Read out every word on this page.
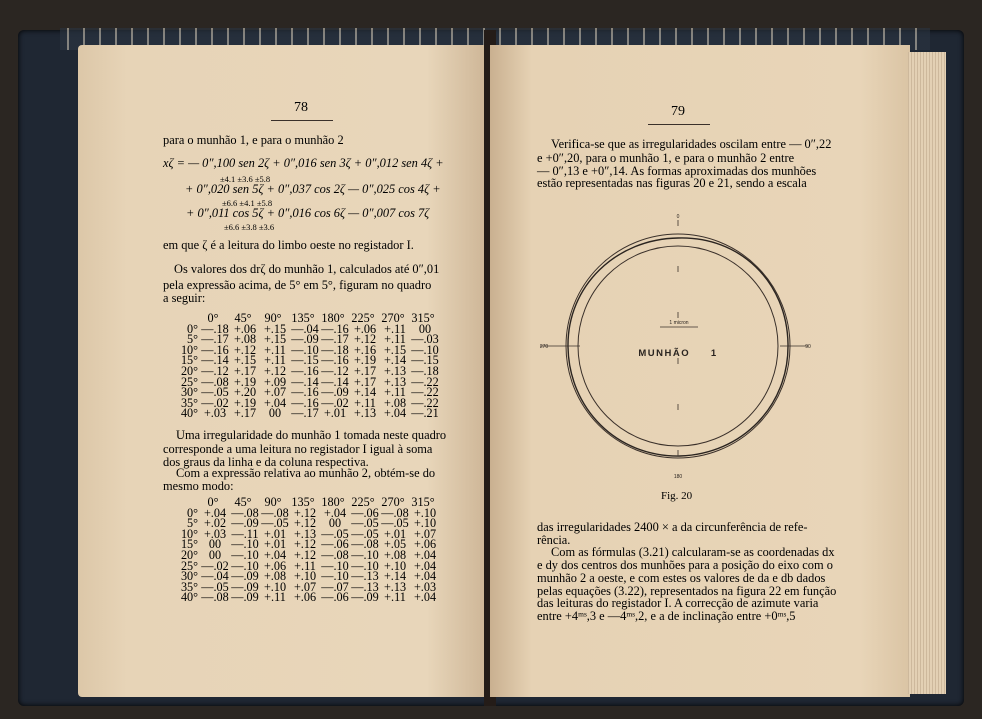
78
para o munhão 1, e para o munhão 2
xζ = — 0″,100 sen 2ζ + 0″,016 sen 3ζ + 0″,012 sen 4ζ +
±4.1 ±3.6 ±5.8
+ 0″,020 sen 5ζ + 0″,037 cos 2ζ — 0″,025 cos 4ζ +
±6.6 ±4.1 ±5.8
+ 0″,011 cos 5ζ + 0″,016 cos 6ζ — 0″,007 cos 7ζ
±6.6 ±3.8 ±3.6
em que ζ é a leitura do limbo oeste no registador I.
Os valores dos drζ do munhão 1, calculados até 0″,01
pela expressão acima, de 5° em 5°, figuram no quadro
a seguir:
0°	45°	90° 135° 180° 225° 270° 315°
0° —.18 +.06 +.15 —.04 —.16 +.06 +.11	00
5° —.17 +.08 +.15 —.09 —.17 +.12 +.11 —.03
10° —.16 +.12 +.11 —.10 —.18 +.16 +.15 —.10
15° —.14 +.15 +.11 —.15 —.16 +.19 +.14 —.15
20° —.12 +.17 +.12 —.16 —.12 +.17 +.13 —.18
25° —.08 +.19 +.09 —.14 —.14 +.17 +.13 —.22
30° —.05 +.20 +.07 —.16 —.09 +.14 +.11 —.22
35° —.02 +.19 +.04 —.16 —.02 +.11 +.08 —.22
40° +.03 +.17	00 —.17 +.01 +.13 +.04 —.21
Uma irregularidade do munhão 1 tomada neste quadro
corresponde a uma leitura no registador I igual à soma
dos graus da linha e da coluna respectiva.
Com a expressão relativa ao munhão 2, obtém-se do
mesmo modo:
0°	45°	90° 135° 180° 225° 270° 315°
0° +.04 —.08 —.08 +.12 +.04 —.06 —.08 +.10
5° +.02 —.09 —.05 +.12	00 —.05 —.05 +.10
10° +.03 —.11 +.01 +.13 —.05 —.05 +.01 +.07
15° 00 —.10 +.01 +.12 —.06 —.08 +.05 +.06
20° 00 —.10 +.04 +.12 —.08 —.10 +.08 +.04
25° —.02 —.10 +.06 +.11 —.10 —.10 +.10 +.04
30° —.04 —.09 +.08 +.10 —.10 —.13 +.14 +.04
35° —.05 —.09 +.10 +.07 —.07 —.13 +.13 +.03
40° —.08 —.09 +.11 +.06 —.06 —.09 +.11 +.04
79
Verifica-se que as irregularidades oscilam entre — 0″,22
e +0″,20, para o munhão 1, e para o munhão 2 entre
— 0″,13 e +0″,14. As formas aproximadas dos munhões
estão representadas nas figuras 20 e 21, sendo a escala
1 micron
MUNHÃO     1
0
270	90
180
Fig. 20
das irregularidades 2400 × a da circunferência de refe-
rência.
Com as fórmulas (3.21) calcularam-se as coordenadas dx
e dy dos centros dos munhões para a posição do eixo com o
munhão 2 a oeste, e com estes os valores de da e db dados
pelas equações (3.22), representados na figura 22 em função
das leituras do registador I. A correcção de azimute varia
entre +4ᵐˢ,3 e —4ᵐˢ,2, e a de inclinação entre +0ᵐˢ,5
